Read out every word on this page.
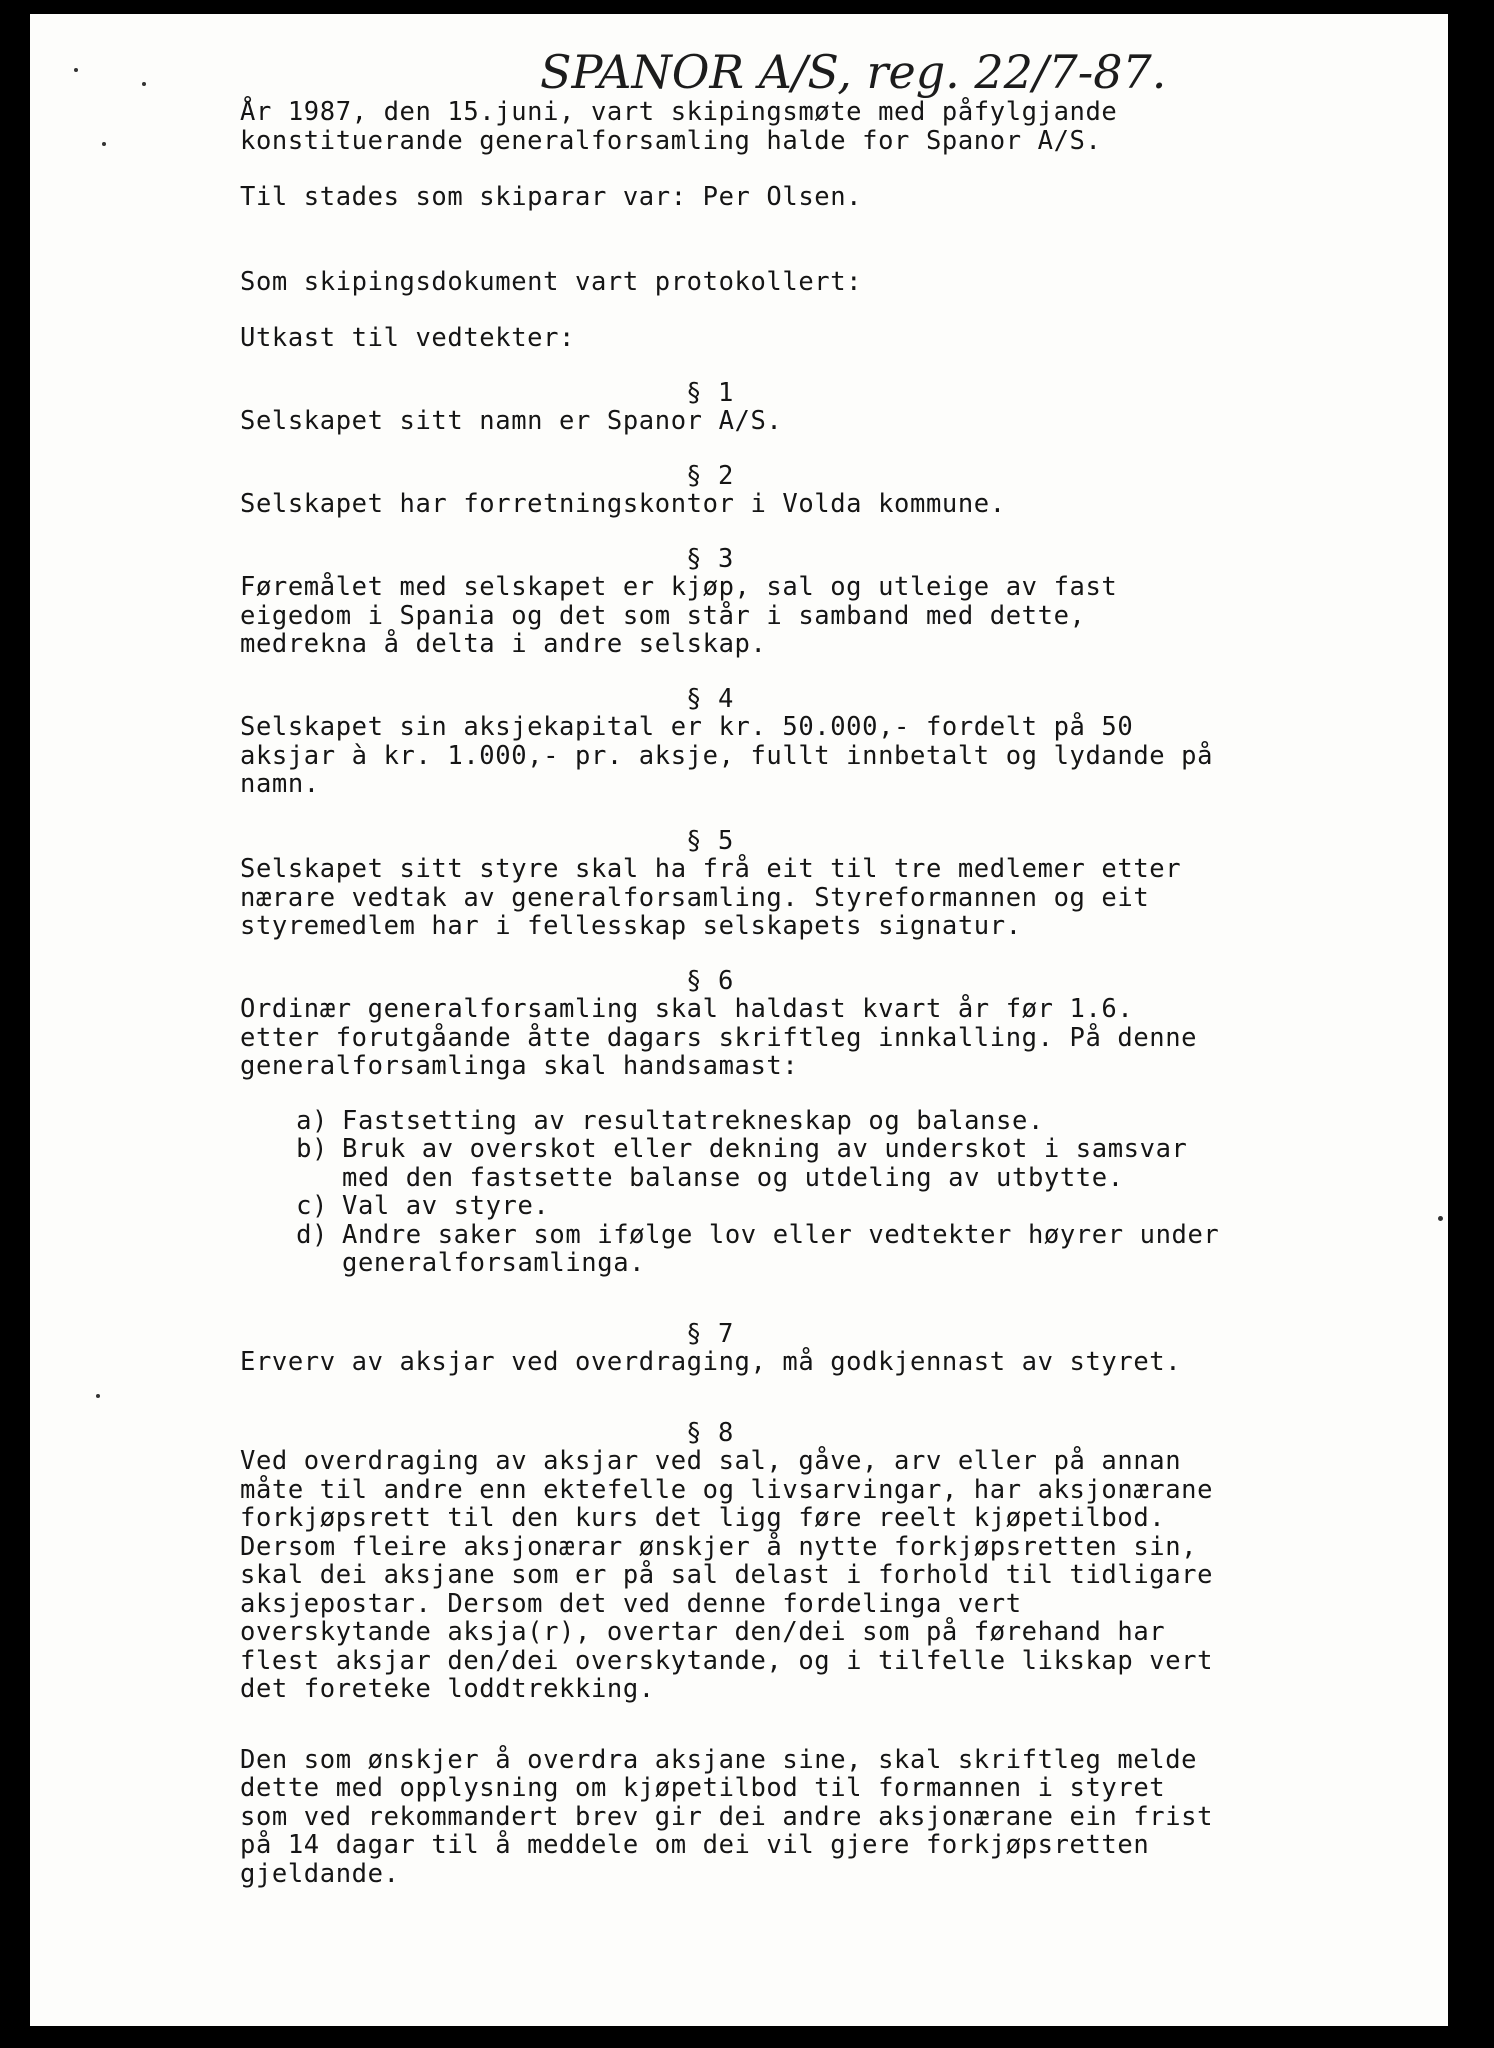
SPANOR A/S, reg. 22/7-87.

År 1987, den 15.juni, vart skipingsmøte med påfylgjande

konstituerande generalforsamling halde for Spanor A/S.

Til stades som skiparar var: Per Olsen.

Som skipingsdokument vart protokollert:

Utkast til vedtekter:

§ 1

Selskapet sitt namn er Spanor A/S.

§ 2

Selskapet har forretningskontor i Volda kommune.

§ 3

Føremålet med selskapet er kjøp, sal og utleige av fast

eigedom i Spania og det som står i samband med dette,

medrekna å delta i andre selskap.

§ 4

Selskapet sin aksjekapital er kr. 50.000,- fordelt på 50

aksjar à kr. 1.000,- pr. aksje, fullt innbetalt og lydande på

namn.

§ 5

Selskapet sitt styre skal ha frå eit til tre medlemer etter

nærare vedtak av generalforsamling. Styreformannen og eit

styremedlem har i fellesskap selskapets signatur.

§ 6

Ordinær generalforsamling skal haldast kvart år før 1.6.

etter forutgåande åtte dagars skriftleg innkalling. På denne

generalforsamlinga skal handsamast:

a) Fastsetting av resultatrekneskap og balanse.

b) Bruk av overskot eller dekning av underskot i samsvar

med den fastsette balanse og utdeling av utbytte.

c) Val av styre.

d) Andre saker som ifølge lov eller vedtekter høyrer under

generalforsamlinga.

§ 7

Erverv av aksjar ved overdraging, må godkjennast av styret.

§ 8

Ved overdraging av aksjar ved sal, gåve, arv eller på annan

måte til andre enn ektefelle og livsarvingar, har aksjonærane

forkjøpsrett til den kurs det ligg føre reelt kjøpetilbod.

Dersom fleire aksjonærar ønskjer å nytte forkjøpsretten sin,

skal dei aksjane som er på sal delast i forhold til tidligare

aksjepostar. Dersom det ved denne fordelinga vert

overskytande aksja(r), overtar den/dei som på førehand har

flest aksjar den/dei overskytande, og i tilfelle likskap vert

det foreteke loddtrekking.

Den som ønskjer å overdra aksjane sine, skal skriftleg melde

dette med opplysning om kjøpetilbod til formannen i styret

som ved rekommandert brev gir dei andre aksjonærane ein frist

på 14 dagar til å meddele om dei vil gjere forkjøpsretten

gjeldande.
